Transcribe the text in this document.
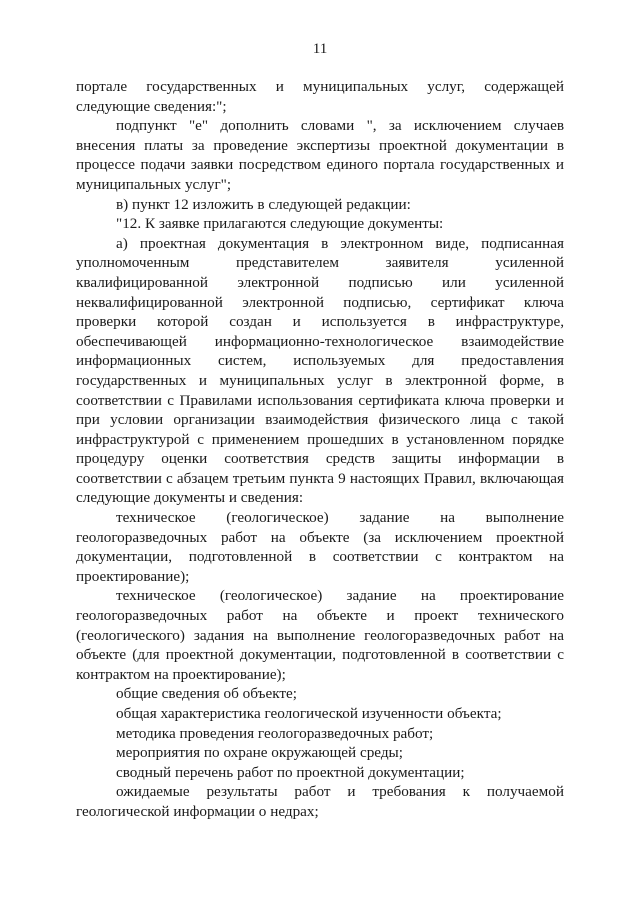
11

портале государственных и муниципальных услуг, содержащей следующие сведения:";

подпункт "е" дополнить словами ", за исключением случаев внесения платы за проведение экспертизы проектной документации в процессе подачи заявки посредством единого портала государственных и муниципальных услуг";

в) пункт 12 изложить в следующей редакции:

"12. К заявке прилагаются следующие документы:

а) проектная документация в электронном виде, подписанная уполномоченным представителем заявителя усиленной квалифицированной электронной подписью или усиленной неквалифицированной электронной подписью, сертификат ключа проверки которой создан и используется в инфраструктуре, обеспечивающей информационно-технологическое взаимодействие информационных систем, используемых для предоставления государственных и муниципальных услуг в электронной форме, в соответствии с Правилами использования сертификата ключа проверки и при условии организации взаимодействия физического лица с такой инфраструктурой с применением прошедших в установленном порядке процедуру оценки соответствия средств защиты информации в соответствии с абзацем третьим пункта 9 настоящих Правил, включающая следующие документы и сведения:

техническое (геологическое) задание на выполнение геологоразведочных работ на объекте (за исключением проектной документации, подготовленной в соответствии с контрактом на проектирование);

техническое (геологическое) задание на проектирование геологоразведочных работ на объекте и проект технического (геологического) задания на выполнение геологоразведочных работ на объекте (для проектной документации, подготовленной в соответствии с контрактом на проектирование);

общие сведения об объекте;

общая характеристика геологической изученности объекта;

методика проведения геологоразведочных работ;

мероприятия по охране окружающей среды;

сводный перечень работ по проектной документации;

ожидаемые результаты работ и требования к получаемой геологической информации о недрах;
